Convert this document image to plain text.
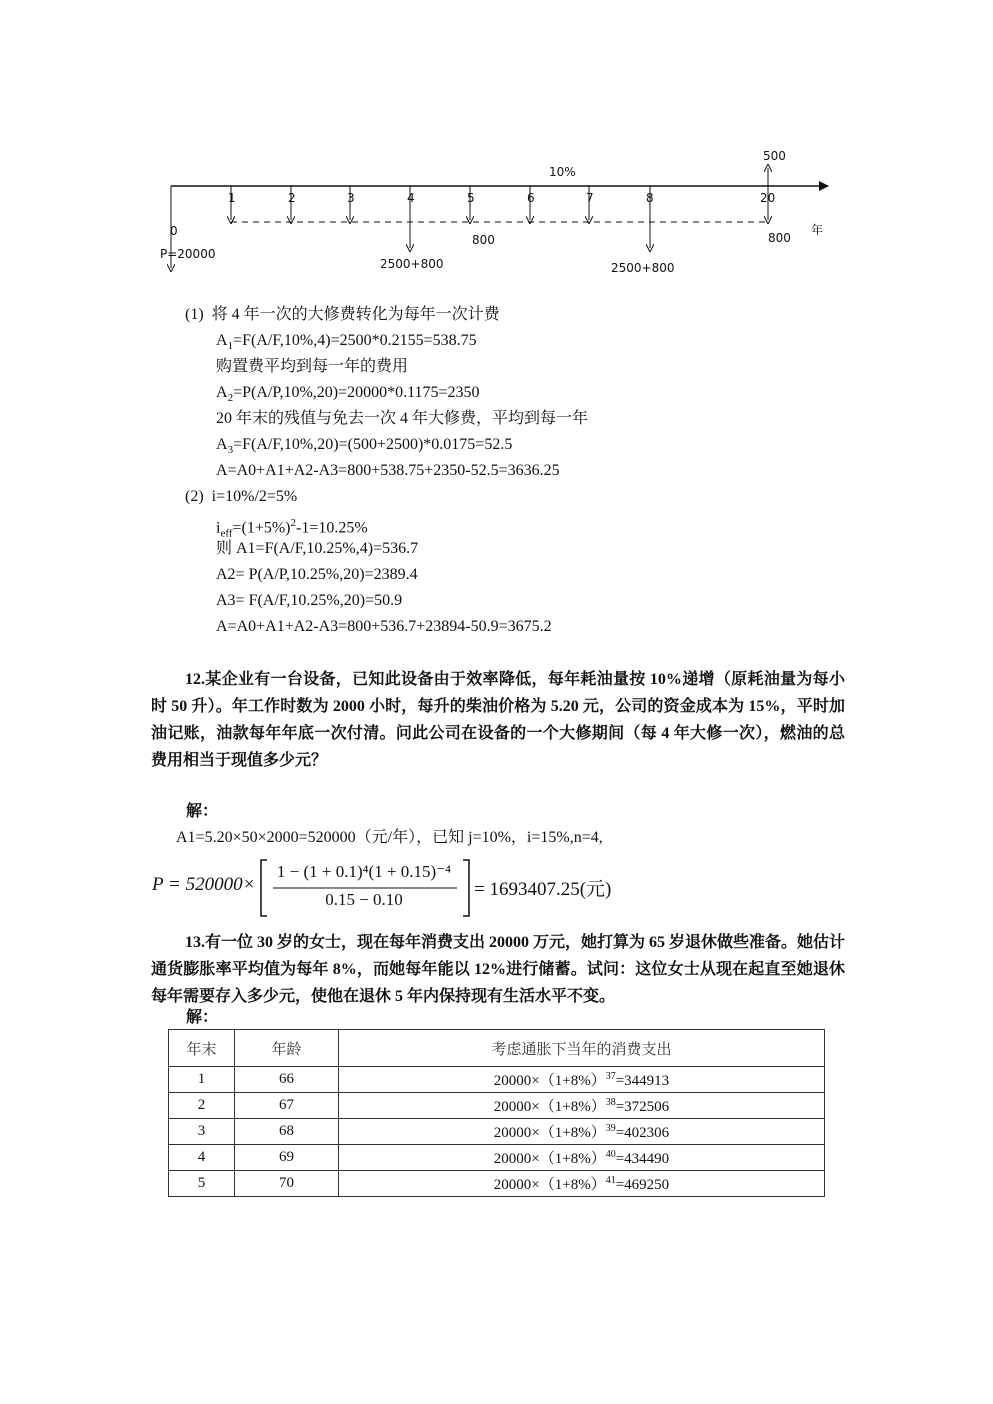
10%
500
0
P=20000
1	2	3	4	5	6	7	8	20
年
800	800
2500+800	2500+800
(1) 将 4 年一次的大修费转化为每年一次计费
$A_1=F(A/F,10\%,4)=2500*0.2155=538.75$
购置费平均到每一年的费用
$A_2=P(A/P,10\%,20)=20000*0.1175=2350$
20 年末的残值与免去一次 4 年大修费，平均到每一年
$A_3=F(A/F,10\%,20)=(500+2500)*0.0175=52.5$
A=A0+A1+A2-A3=800+538.75+2350-52.5=3636.25
(2) i=10%/2=5%
$i_{eff}=(1+5\%)^2-1=10.25\%$
则 A1=F(A/F,10.25%,4)=536.7
A2= P(A/P,10.25%,20)=2389.4
A3= F(A/F,10.25%,20)=50.9
A=A0+A1+A2-A3=800+536.7+23894-50.9=3675.2
12.某企业有一台设备，已知此设备由于效率降低，每年耗油量按 10%递增（原耗油量为每小时 50 升）。年工作时数为 2000 小时，每升的柴油价格为 5.20 元，公司的资金成本为 15%，平时加油记账，油款每年年底一次付清。问此公司在设备的一个大修期间（每 4 年大修一次），燃油的总费用相当于现值多少元？
解：
A1=5.20×50×2000=520000（元/年），已知 j=10%，i=15%,n=4,
P = 520000×
1 − (1 + 0.1)⁴(1 + 0.15)⁻⁴
0.15 − 0.10	= 1693407.25(元)
13.有一位 30 岁的女士，现在每年消费支出 20000 万元，她打算为 65 岁退休做些准备。她估计通货膨胀率平均值为每年 8%，而她每年能以 12%进行储蓄。试问：这位女士从现在起直至她退休每年需要存入多少元，使他在退休 5 年内保持现有生活水平不变。
解：
年末	年龄	考虑通胀下当年的消费支出
1	66	$20000\times(1+8\%)^{37}=344913$
2	67	$20000\times(1+8\%)^{38}=372506$
3	68	$20000\times(1+8\%)^{39}=402306$
4	69	$20000\times(1+8\%)^{40}=434490$
5	70	$20000\times(1+8\%)^{41}=469250$
